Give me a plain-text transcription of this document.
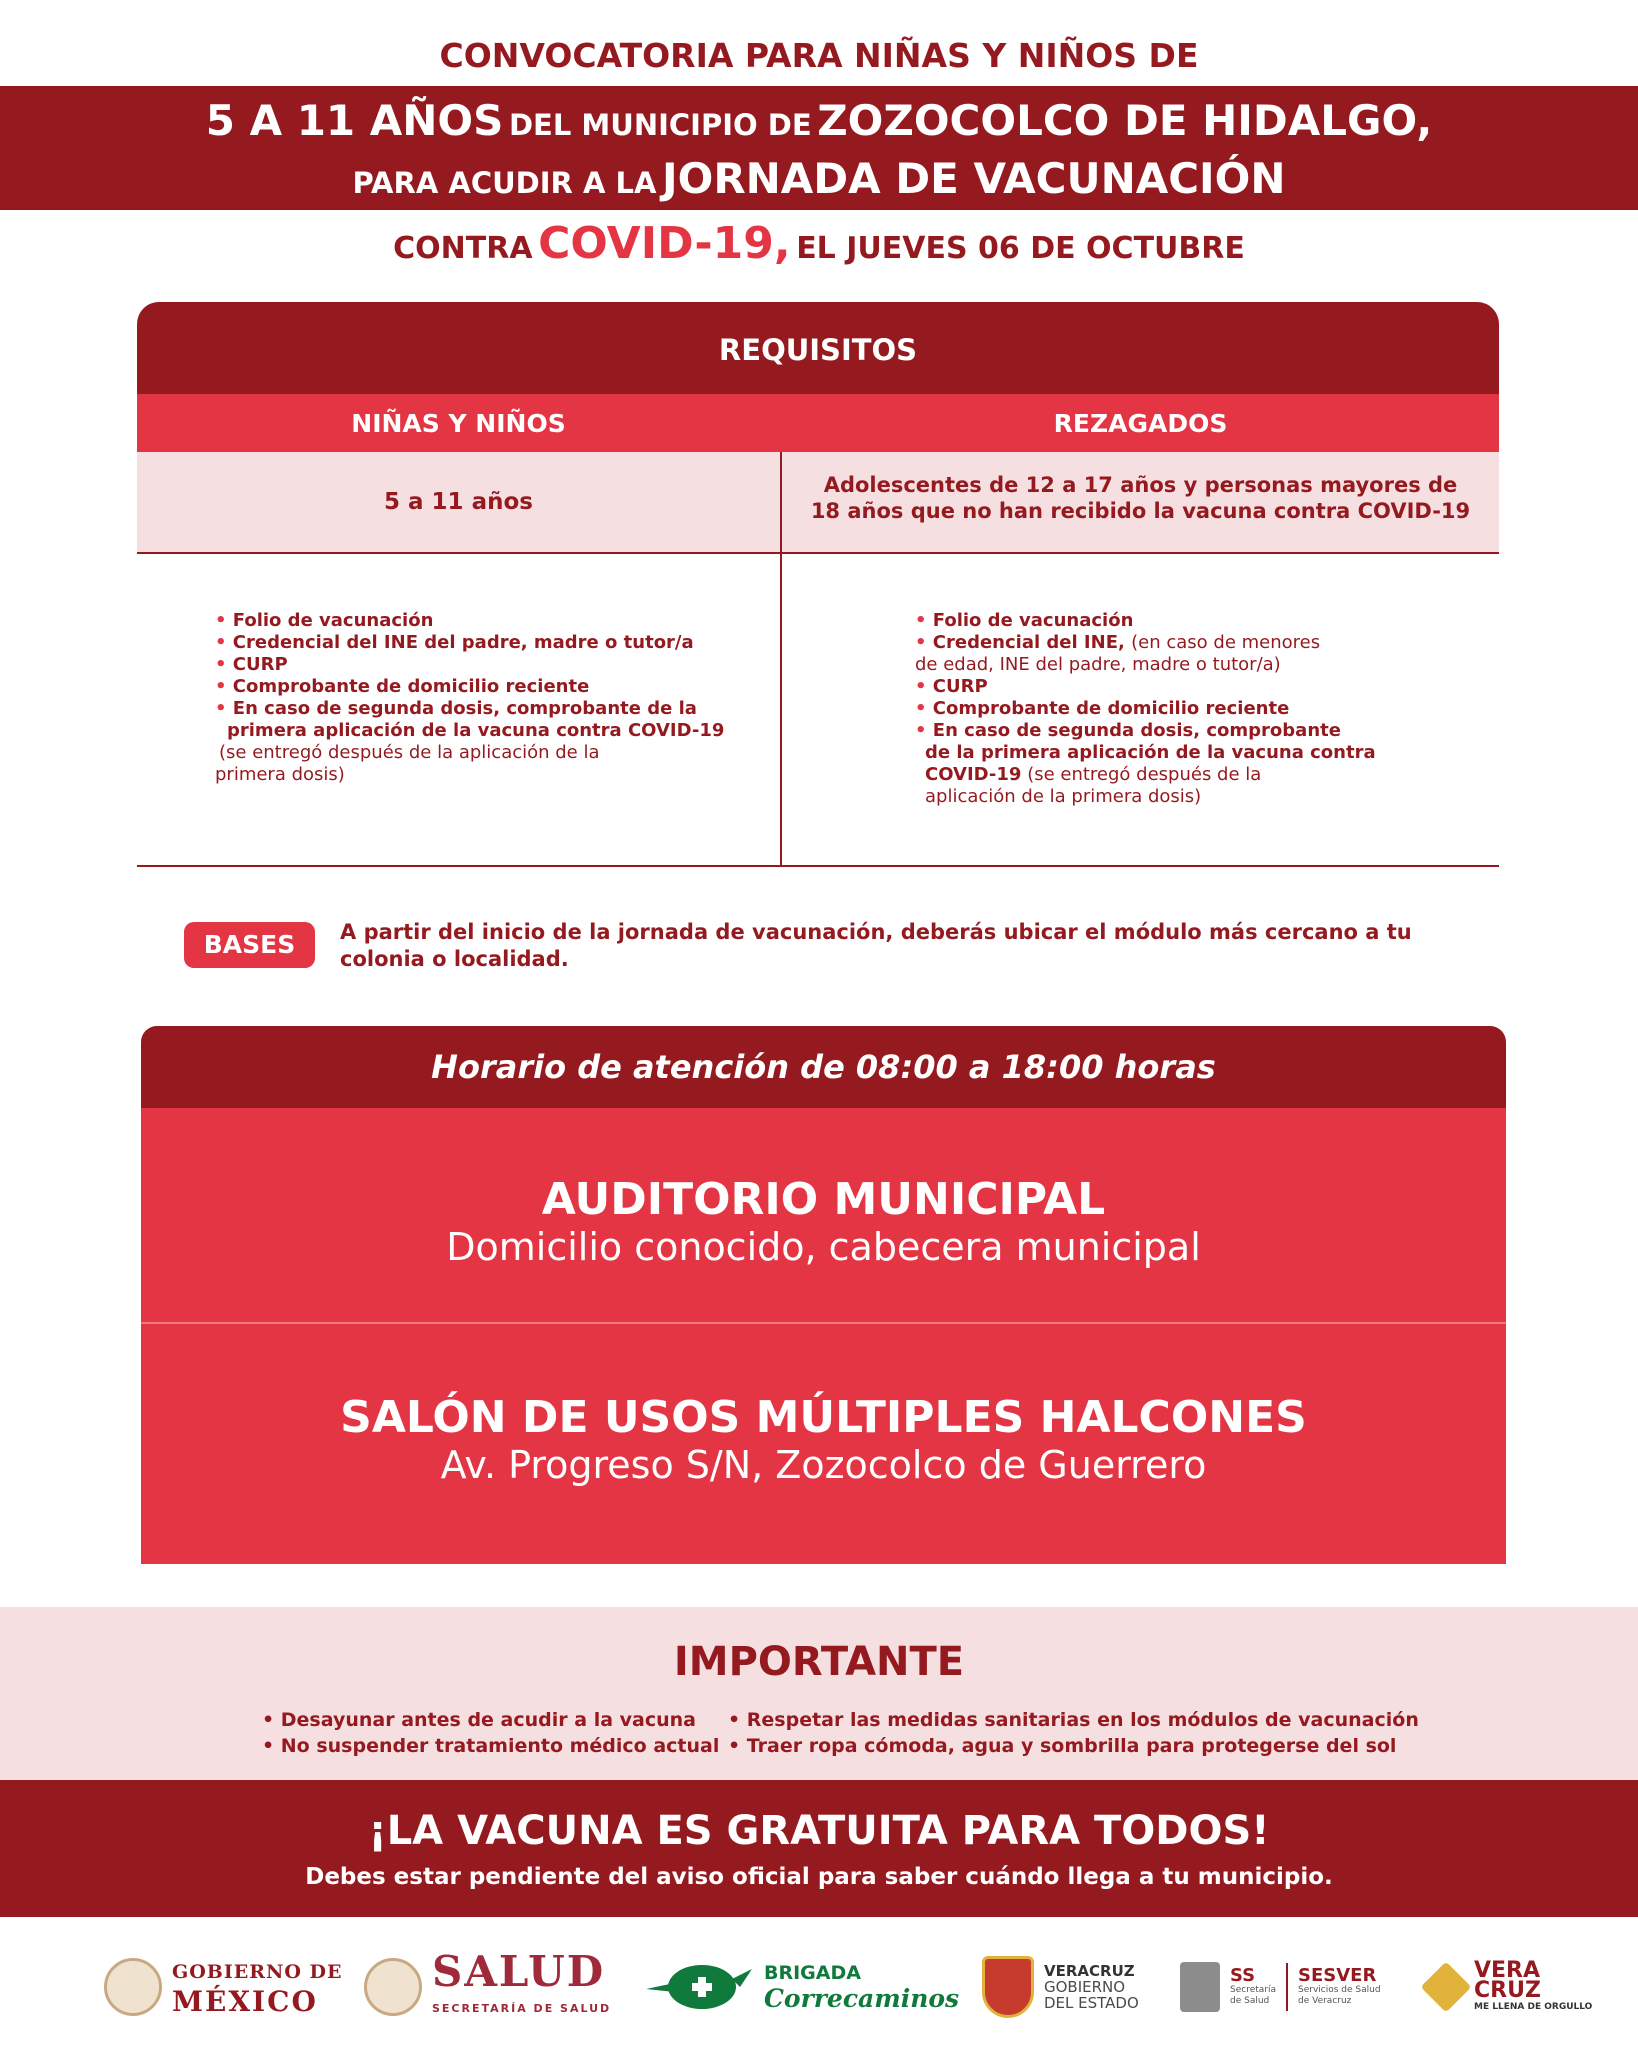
CONVOCATORIA PARA NIÑAS Y NIÑOS DE
5 A 11 AÑOS DEL MUNICIPIO DE ZOZOCOLCO DE HIDALGO,
PARA ACUDIR A LA JORNADA DE VACUNACIÓN
CONTRA COVID-19, EL JUEVES 06 DE OCTUBRE
REQUISITOS
NIÑAS Y NIÑOS	REZAGADOS
5 a 11 años
Adolescentes de 12 a 17 años y personas mayores de
18 años que no han recibido la vacuna contra COVID-19
• Folio de vacunación
• Credencial del INE del padre, madre o tutor/a
• CURP
• Comprobante de domicilio reciente
• En caso de segunda dosis, comprobante de la
primera aplicación de la vacuna contra COVID-19
(se entregó después de la aplicación de la
primera dosis)
• Folio de vacunación
• Credencial del INE, (en caso de menores
de edad, INE del padre, madre o tutor/a)
• CURP
• Comprobante de domicilio reciente
• En caso de segunda dosis, comprobante
de la primera aplicación de la vacuna contra
COVID-19 (se entregó después de la
aplicación de la primera dosis)
BASES	A partir del inicio de la jornada de vacunación, deberás ubicar el módulo más cercano a tu
colonia o localidad.
Horario de atención de 08:00 a 18:00 horas
AUDITORIO MUNICIPAL
Domicilio conocido, cabecera municipal
SALÓN DE USOS MÚLTIPLES HALCONES
Av. Progreso S/N, Zozocolco de Guerrero
IMPORTANTE
• Desayunar antes de acudir a la vacuna
• No suspender tratamiento médico actual
• Respetar las medidas sanitarias en los módulos de vacunación
• Traer ropa cómoda, agua y sombrilla para protegerse del sol
¡LA VACUNA ES GRATUITA PARA TODOS!
Debes estar pendiente del aviso oficial para saber cuándo llega a tu municipio.
GOBIERNO DE
MÉXICO
SALUD
SECRETARÍA DE SALUD
BRIGADA
Correcaminos
VERACRUZ
GOBIERNO
DEL ESTADO
SS
Secretaría
de Salud
SESVER
Servicios de Salud
de Veracruz
VERA
CRUZ
ME LLENA DE ORGULLO
